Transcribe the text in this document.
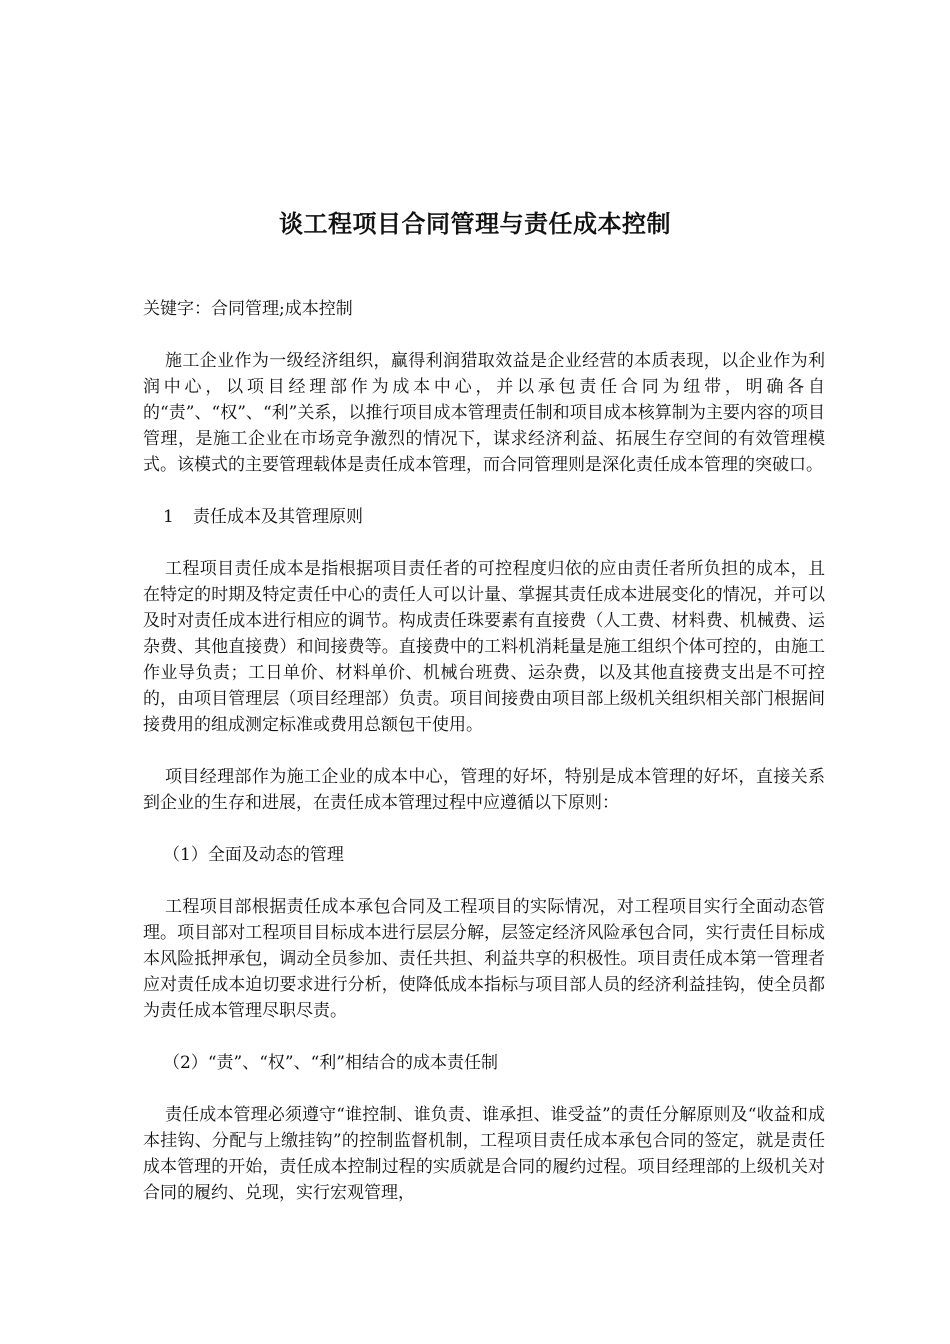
谈工程项目合同管理与责任成本控制

关键字：合同管理;成本控制

施工企业作为一级经济组织，赢得利润猎取效益是企业经营的本质表现，以企业作为利润中心，以项目经理部作为成本中心，并以承包责任合同为纽带，明确各自的“责”、“权”、“利”关系，以推行项目成本管理责任制和项目成本核算制为主要内容的项目管理，是施工企业在市场竞争激烈的情况下，谋求经济利益、拓展生存空间的有效管理模式。该模式的主要管理载体是责任成本管理，而合同管理则是深化责任成本管理的突破口。

1 责任成本及其管理原则

工程项目责任成本是指根据项目责任者的可控程度归依的应由责任者所负担的成本，且在特定的时期及特定责任中心的责任人可以计量、掌握其责任成本进展变化的情况，并可以及时对责任成本进行相应的调节。构成责任珠要素有直接费（人工费、材料费、机械费、运杂费、其他直接费）和间接费等。直接费中的工料机消耗量是施工组织个体可控的，由施工作业导负责；工日单价、材料单价、机械台班费、运杂费，以及其他直接费支出是不可控的，由项目管理层（项目经理部）负责。项目间接费由项目部上级机关组织相关部门根据间接费用的组成测定标准或费用总额包干使用。

项目经理部作为施工企业的成本中心，管理的好坏，特别是成本管理的好坏，直接关系到企业的生存和进展，在责任成本管理过程中应遵循以下原则：

（1）全面及动态的管理

工程项目部根据责任成本承包合同及工程项目的实际情况，对工程项目实行全面动态管理。项目部对工程项目目标成本进行层层分解，层签定经济风险承包合同，实行责任目标成本风险抵押承包，调动全员参加、责任共担、利益共享的积极性。项目责任成本第一管理者应对责任成本迫切要求进行分析，使降低成本指标与项目部人员的经济利益挂钩，使全员都为责任成本管理尽职尽责。

（2）“责”、“权”、“利”相结合的成本责任制

责任成本管理必须遵守“谁控制、谁负责、谁承担、谁受益”的责任分解原则及“收益和成本挂钩、分配与上缴挂钩”的控制监督机制，工程项目责任成本承包合同的签定，就是责任成本管理的开始，责任成本控制过程的实质就是合同的履约过程。项目经理部的上级机关对合同的履约、兑现，实行宏观管理，
